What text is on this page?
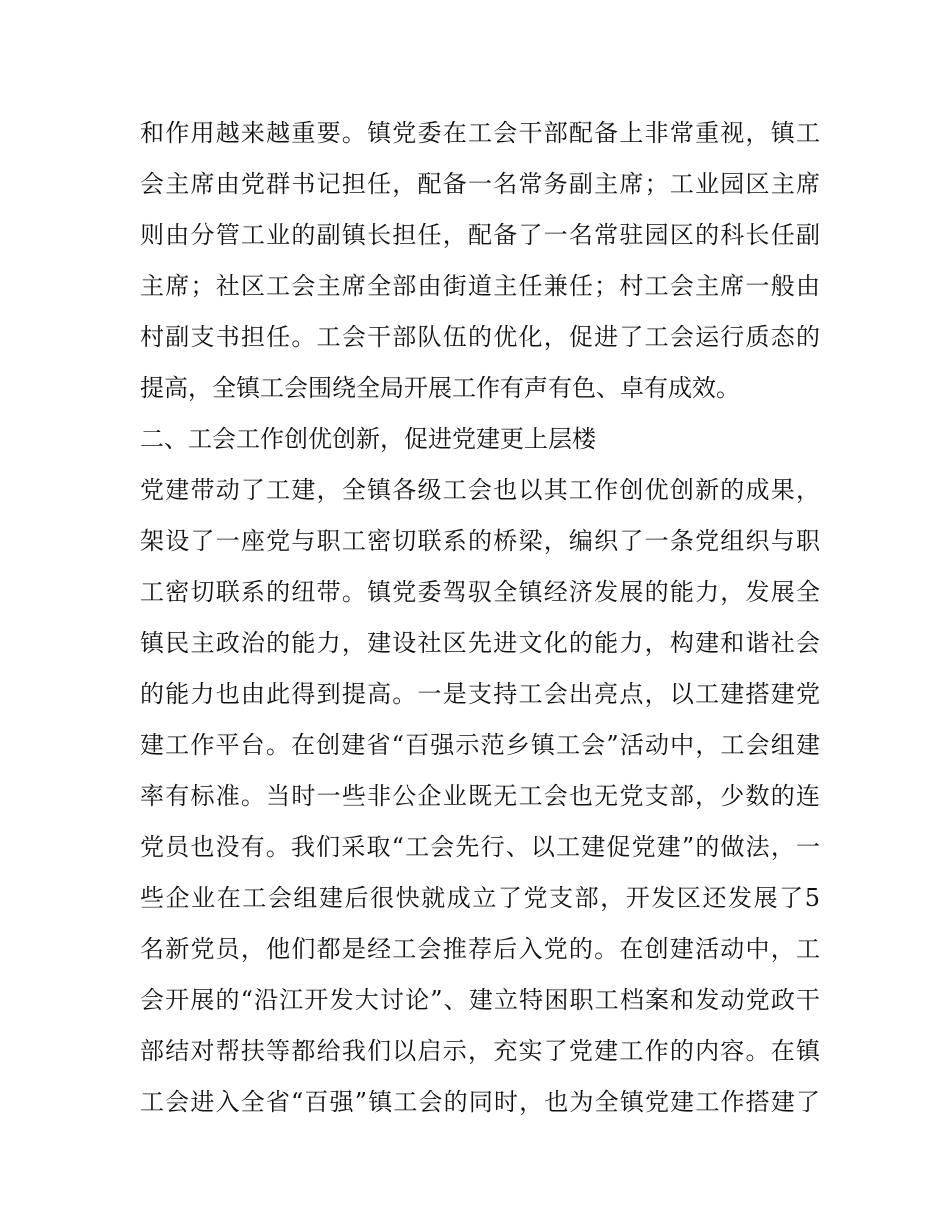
和作用越来越重要。镇党委在工会干部配备上非常重视，镇工
会主席由党群书记担任，配备一名常务副主席；工业园区主席
则由分管工业的副镇长担任，配备了一名常驻园区的科长任副
主席；社区工会主席全部由街道主任兼任；村工会主席一般由
村副支书担任。工会干部队伍的优化，促进了工会运行质态的
提高，全镇工会围绕全局开展工作有声有色、卓有成效。
二、工会工作创优创新，促进党建更上层楼
党建带动了工建，全镇各级工会也以其工作创优创新的成果，
架设了一座党与职工密切联系的桥梁，编织了一条党组织与职
工密切联系的纽带。镇党委驾驭全镇经济发展的能力，发展全
镇民主政治的能力，建设社区先进文化的能力，构建和谐社会
的能力也由此得到提高。一是支持工会出亮点，以工建搭建党
建工作平台。在创建省“百强示范乡镇工会”活动中，工会组建
率有标准。当时一些非公企业既无工会也无党支部，少数的连
党员也没有。我们采取“工会先行、以工建促党建”的做法，一
些企业在工会组建后很快就成立了党支部，开发区还发展了5
名新党员，他们都是经工会推荐后入党的。在创建活动中，工
会开展的“沿江开发大讨论”、建立特困职工档案和发动党政干
部结对帮扶等都给我们以启示，充实了党建工作的内容。在镇
工会进入全省“百强”镇工会的同时，也为全镇党建工作搭建了
